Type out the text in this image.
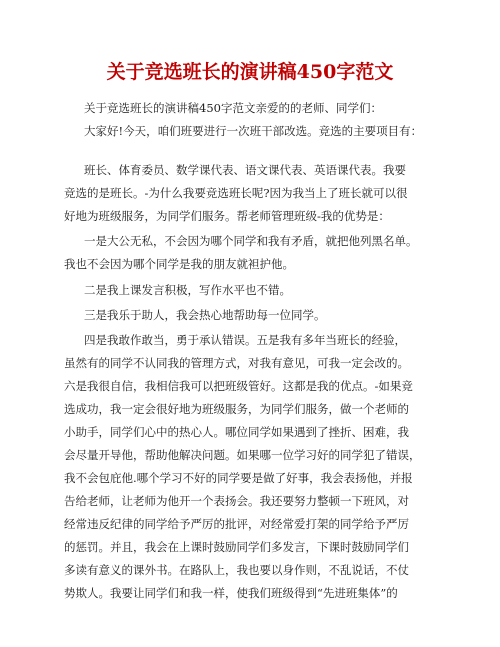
关于竞选班长的演讲稿450字范文

关于竞选班长的演讲稿450字范文亲爱的的老师、同学们：

大家好!今天，咱们班要进行一次班干部改选。竞选的主要项目有：

班长、体育委员、数学课代表、语文课代表、英语课代表。我要

竞选的是班长。-为什么我要竞选班长呢?因为我当上了班长就可以很

好地为班级服务，为同学们服务。帮老师管理班级-我的优势是：

一是大公无私，不会因为哪个同学和我有矛盾，就把他列黑名单。

我也不会因为哪个同学是我的朋友就袒护他。

二是我上课发言积极，写作水平也不错。

三是我乐于助人，我会热心地帮助每一位同学。

四是我敢作敢当，勇于承认错误。五是我有多年当班长的经验，

虽然有的同学不认同我的管理方式，对我有意见，可我一定会改的。

六是我很自信，我相信我可以把班级管好。这都是我的优点。-如果竞

选成功，我一定会很好地为班级服务，为同学们服务，做一个老师的

小助手，同学们心中的热心人。哪位同学如果遇到了挫折、困难，我

会尽量开导他，帮助他解决问题。如果哪一位学习好的同学犯了错误，

我不会包庇他.哪个学习不好的同学要是做了好事，我会表扬他，并报

告给老师，让老师为他开一个表扬会。我还要努力整顿一下班风，对

经常违反纪律的同学给予严厉的批评，对经常爱打架的同学给予严厉

的惩罚。并且，我会在上课时鼓励同学们多发言，下课时鼓励同学们

多读有意义的课外书。在路队上，我也要以身作则，不乱说话，不仗

势欺人。我要让同学们和我一样，使我们班级得到“先进班集体”的
